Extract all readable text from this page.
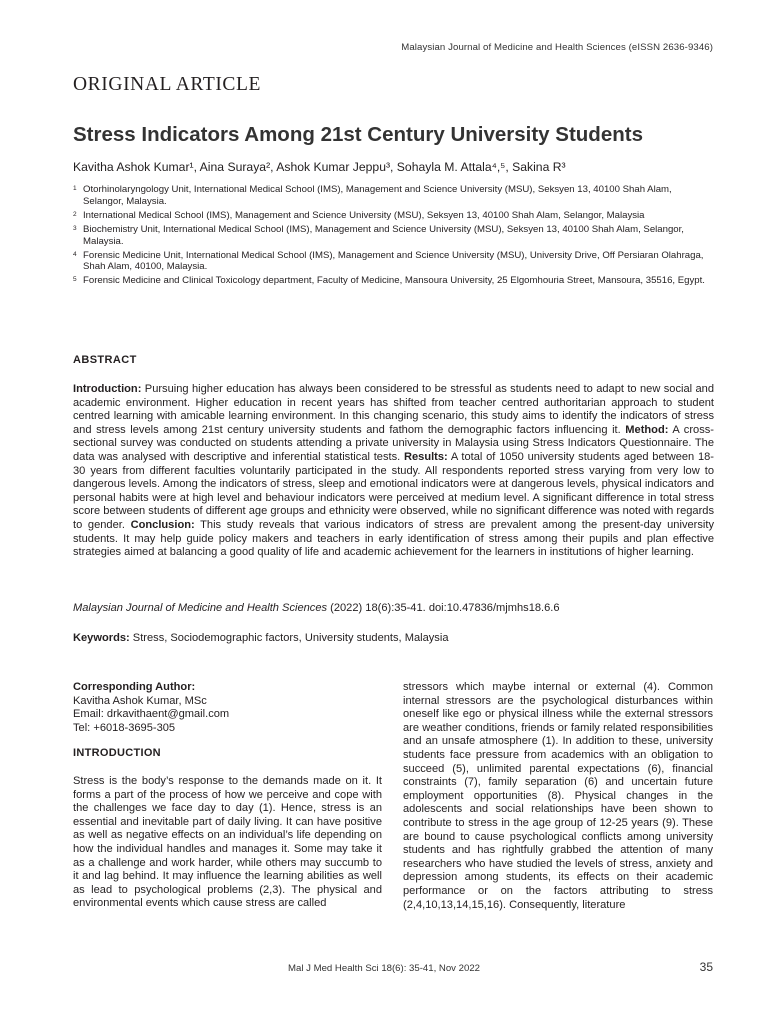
Malaysian Journal of Medicine and Health Sciences (eISSN 2636-9346)
ORIGINAL ARTICLE
Stress Indicators Among 21st Century University Students
Kavitha Ashok Kumar¹, Aina Suraya², Ashok Kumar Jeppu³, Sohayla M. Attala⁴,⁵, Sakina R³
1 Otorhinolaryngology Unit, International Medical School (IMS), Management and Science University (MSU), Seksyen 13, 40100 Shah Alam, Selangor, Malaysia.
2 International Medical School (IMS), Management and Science University (MSU), Seksyen 13, 40100 Shah Alam, Selangor, Malaysia
3 Biochemistry Unit, International Medical School (IMS), Management and Science University (MSU), Seksyen 13, 40100 Shah Alam, Selangor, Malaysia.
4 Forensic Medicine Unit, International Medical School (IMS), Management and Science University (MSU), University Drive, Off Persiaran Olahraga, Shah Alam, 40100, Malaysia.
5 Forensic Medicine and Clinical Toxicology department, Faculty of Medicine, Mansoura University, 25 Elgomhouria Street, Mansoura, 35516, Egypt.
ABSTRACT

Introduction: Pursuing higher education has always been considered to be stressful as students need to adapt to new social and academic environment. Higher education in recent years has shifted from teacher centred authoritarian approach to student centred learning with amicable learning environment. In this changing scenario, this study aims to identify the indicators of stress and stress levels among 21st century university students and fathom the demographic factors influencing it. Method: A cross-sectional survey was conducted on students attending a private university in Malaysia using Stress Indicators Questionnaire. The data was analysed with descriptive and inferential statistical tests. Results: A total of 1050 university students aged between 18-30 years from different faculties voluntarily participated in the study. All respondents reported stress varying from very low to dangerous levels. Among the indicators of stress, sleep and emotional indicators were at dangerous levels, physical indicators and personal habits were at high level and behaviour indicators were perceived at medium level. A significant difference in total stress score between students of different age groups and ethnicity were observed, while no significant difference was noted with regards to gender. Conclusion: This study reveals that various indicators of stress are prevalent among the present-day university students. It may help guide policy makers and teachers in early identification of stress among their pupils and plan effective strategies aimed at balancing a good quality of life and academic achievement for the learners in institutions of higher learning.

Malaysian Journal of Medicine and Health Sciences (2022) 18(6):35-41. doi:10.47836/mjmhs18.6.6
Keywords: Stress, Sociodemographic factors, University students, Malaysia
Corresponding Author:
Kavitha Ashok Kumar, MSc
Email: drkavithaent@gmail.com
Tel: +6018-3695-305
INTRODUCTION

Stress is the body’s response to the demands made on it. It forms a part of the process of how we perceive and cope with the challenges we face day to day (1). Hence, stress is an essential and inevitable part of daily living. It can have positive as well as negative effects on an individual’s life depending on how the individual handles and manages it. Some may take it as a challenge and work harder, while others may succumb to it and lag behind. It may influence the learning abilities as well as lead to psychological problems (2,3). The physical and environmental events which cause stress are called

stressors which maybe internal or external (4). Common internal stressors are the psychological disturbances within oneself like ego or physical illness while the external stressors are weather conditions, friends or family related responsibilities and an unsafe atmosphere (1). In addition to these, university students face pressure from academics with an obligation to succeed (5), unlimited parental expectations (6), financial constraints (7), family separation (6) and uncertain future employment opportunities (8). Physical changes in the adolescents and social relationships have been shown to contribute to stress in the age group of 12-25 years (9). These are bound to cause psychological conflicts among university students and has rightfully grabbed the attention of many researchers who have studied the levels of stress, anxiety and depression among students, its effects on their academic performance or on the factors attributing to stress (2,4,10,13,14,15,16). Consequently, literature

Mal J Med Health Sci 18(6): 35-41, Nov 2022	35
